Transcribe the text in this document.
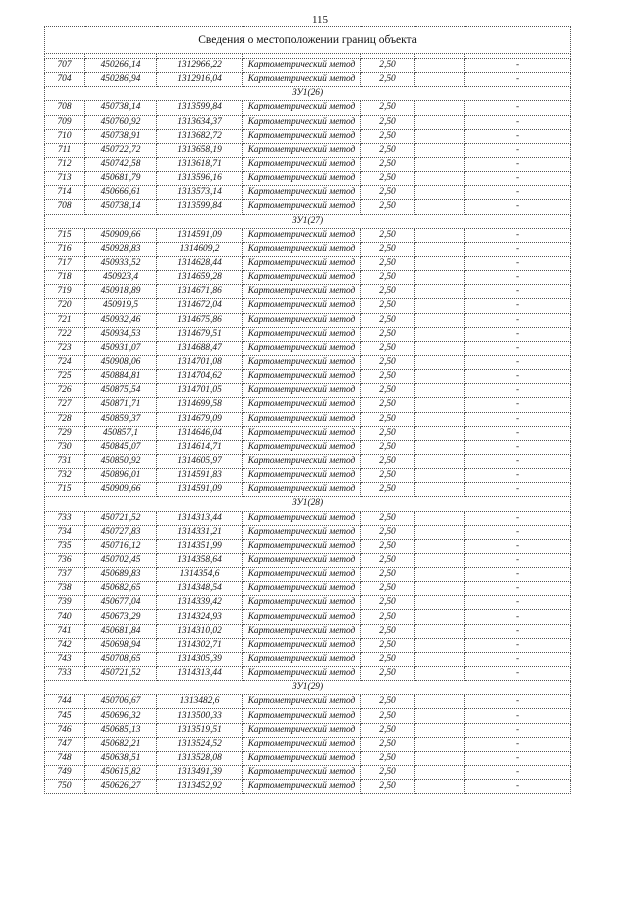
115
Сведения о местоположении границ объекта						

707	450266,14	1312966,22	Картометрический метод	2,50		-
704	450286,94	1312916,04	Картометрический метод	2,50		-
ЗУ1(26)						
708	450738,14	1313599,84	Картометрический метод	2,50		-
709	450760,92	1313634,37	Картометрический метод	2,50		-
710	450738,91	1313682,72	Картометрический метод	2,50		-
711	450722,72	1313658,19	Картометрический метод	2,50		-
712	450742,58	1313618,71	Картометрический метод	2,50		-
713	450681,79	1313596,16	Картометрический метод	2,50		-
714	450666,61	1313573,14	Картометрический метод	2,50		-
708	450738,14	1313599,84	Картометрический метод	2,50		-
ЗУ1(27)						
715	450909,66	1314591,09	Картометрический метод	2,50		-
716	450928,83	1314609,2	Картометрический метод	2,50		-
717	450933,52	1314628,44	Картометрический метод	2,50		-
718	450923,4	1314659,28	Картометрический метод	2,50		-
719	450918,89	1314671,86	Картометрический метод	2,50		-
720	450919,5	1314672,04	Картометрический метод	2,50		-
721	450932,46	1314675,86	Картометрический метод	2,50		-
722	450934,53	1314679,51	Картометрический метод	2,50		-
723	450931,07	1314688,47	Картометрический метод	2,50		-
724	450908,06	1314701,08	Картометрический метод	2,50		-
725	450884,81	1314704,62	Картометрический метод	2,50		-
726	450875,54	1314701,05	Картометрический метод	2,50		-
727	450871,71	1314699,58	Картометрический метод	2,50		-
728	450859,37	1314679,09	Картометрический метод	2,50		-
729	450857,1	1314646,04	Картометрический метод	2,50		-
730	450845,07	1314614,71	Картометрический метод	2,50		-
731	450850,92	1314605,97	Картометрический метод	2,50		-
732	450896,01	1314591,83	Картометрический метод	2,50		-
715	450909,66	1314591,09	Картометрический метод	2,50		-
ЗУ1(28)						
733	450721,52	1314313,44	Картометрический метод	2,50		-
734	450727,83	1314331,21	Картометрический метод	2,50		-
735	450716,12	1314351,99	Картометрический метод	2,50		-
736	450702,45	1314358,64	Картометрический метод	2,50		-
737	450689,83	1314354,6	Картометрический метод	2,50		-
738	450682,65	1314348,54	Картометрический метод	2,50		-
739	450677,04	1314339,42	Картометрический метод	2,50		-
740	450673,29	1314324,93	Картометрический метод	2,50		-
741	450681,84	1314310,02	Картометрический метод	2,50		-
742	450698,94	1314302,71	Картометрический метод	2,50		-
743	450708,65	1314305,39	Картометрический метод	2,50		-
733	450721,52	1314313,44	Картометрический метод	2,50		-
ЗУ1(29)						
744	450706,67	1313482,6	Картометрический метод	2,50		-
745	450696,32	1313500,33	Картометрический метод	2,50		-
746	450685,13	1313519,51	Картометрический метод	2,50		-
747	450682,21	1313524,52	Картометрический метод	2,50		-
748	450638,51	1313528,08	Картометрический метод	2,50		-
749	450615,82	1313491,39	Картометрический метод	2,50		-
750	450626,27	1313452,92	Картометрический метод	2,50		-
